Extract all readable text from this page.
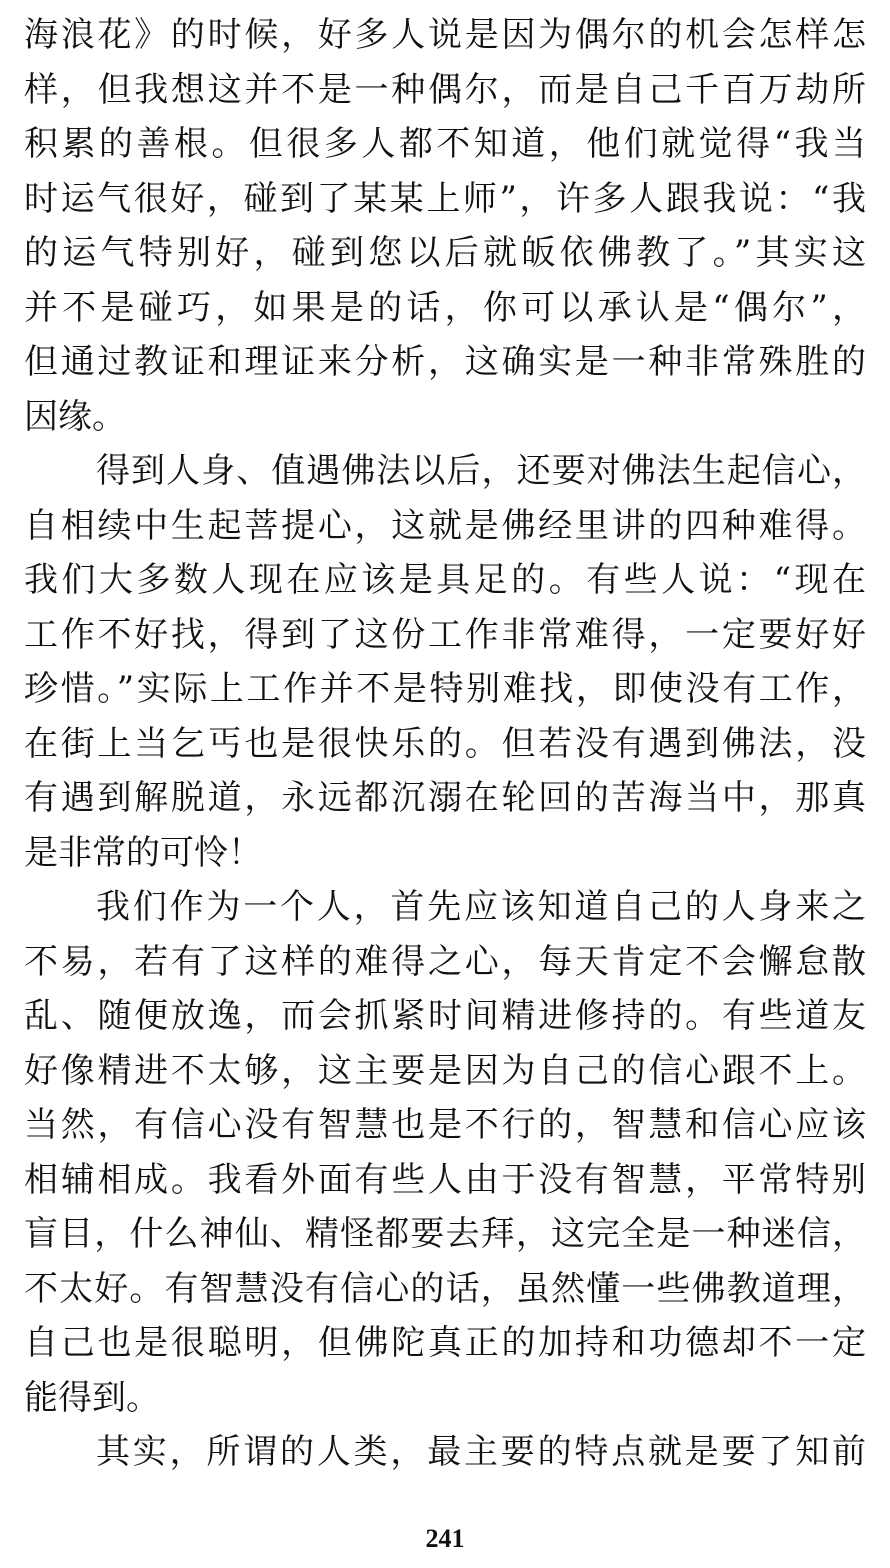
海浪花》的时候，好多人说是因为偶尔的机会怎样怎
样，但我想这并不是一种偶尔，而是自己千百万劫所
积累的善根。但很多人都不知道，他们就觉得“我当
时运气很好，碰到了某某上师”，许多人跟我说：“我
的运气特别好，碰到您以后就皈依佛教了。”其实这
并不是碰巧，如果是的话，你可以承认是“偶尔”，
但通过教证和理证来分析，这确实是一种非常殊胜的
因缘。
得到人身、值遇佛法以后，还要对佛法生起信心，
自相续中生起菩提心，这就是佛经里讲的四种难得。
我们大多数人现在应该是具足的。有些人说：“现在
工作不好找，得到了这份工作非常难得，一定要好好
珍惜。”实际上工作并不是特别难找，即使没有工作，
在街上当乞丐也是很快乐的。但若没有遇到佛法，没
有遇到解脱道，永远都沉溺在轮回的苦海当中，那真
是非常的可怜！
我们作为一个人，首先应该知道自己的人身来之
不易，若有了这样的难得之心，每天肯定不会懈怠散
乱、随便放逸，而会抓紧时间精进修持的。有些道友
好像精进不太够，这主要是因为自己的信心跟不上。
当然，有信心没有智慧也是不行的，智慧和信心应该
相辅相成。我看外面有些人由于没有智慧，平常特别
盲目，什么神仙、精怪都要去拜，这完全是一种迷信，
不太好。有智慧没有信心的话，虽然懂一些佛教道理，
自己也是很聪明，但佛陀真正的加持和功德却不一定
能得到。
其实，所谓的人类，最主要的特点就是要了知前
241
